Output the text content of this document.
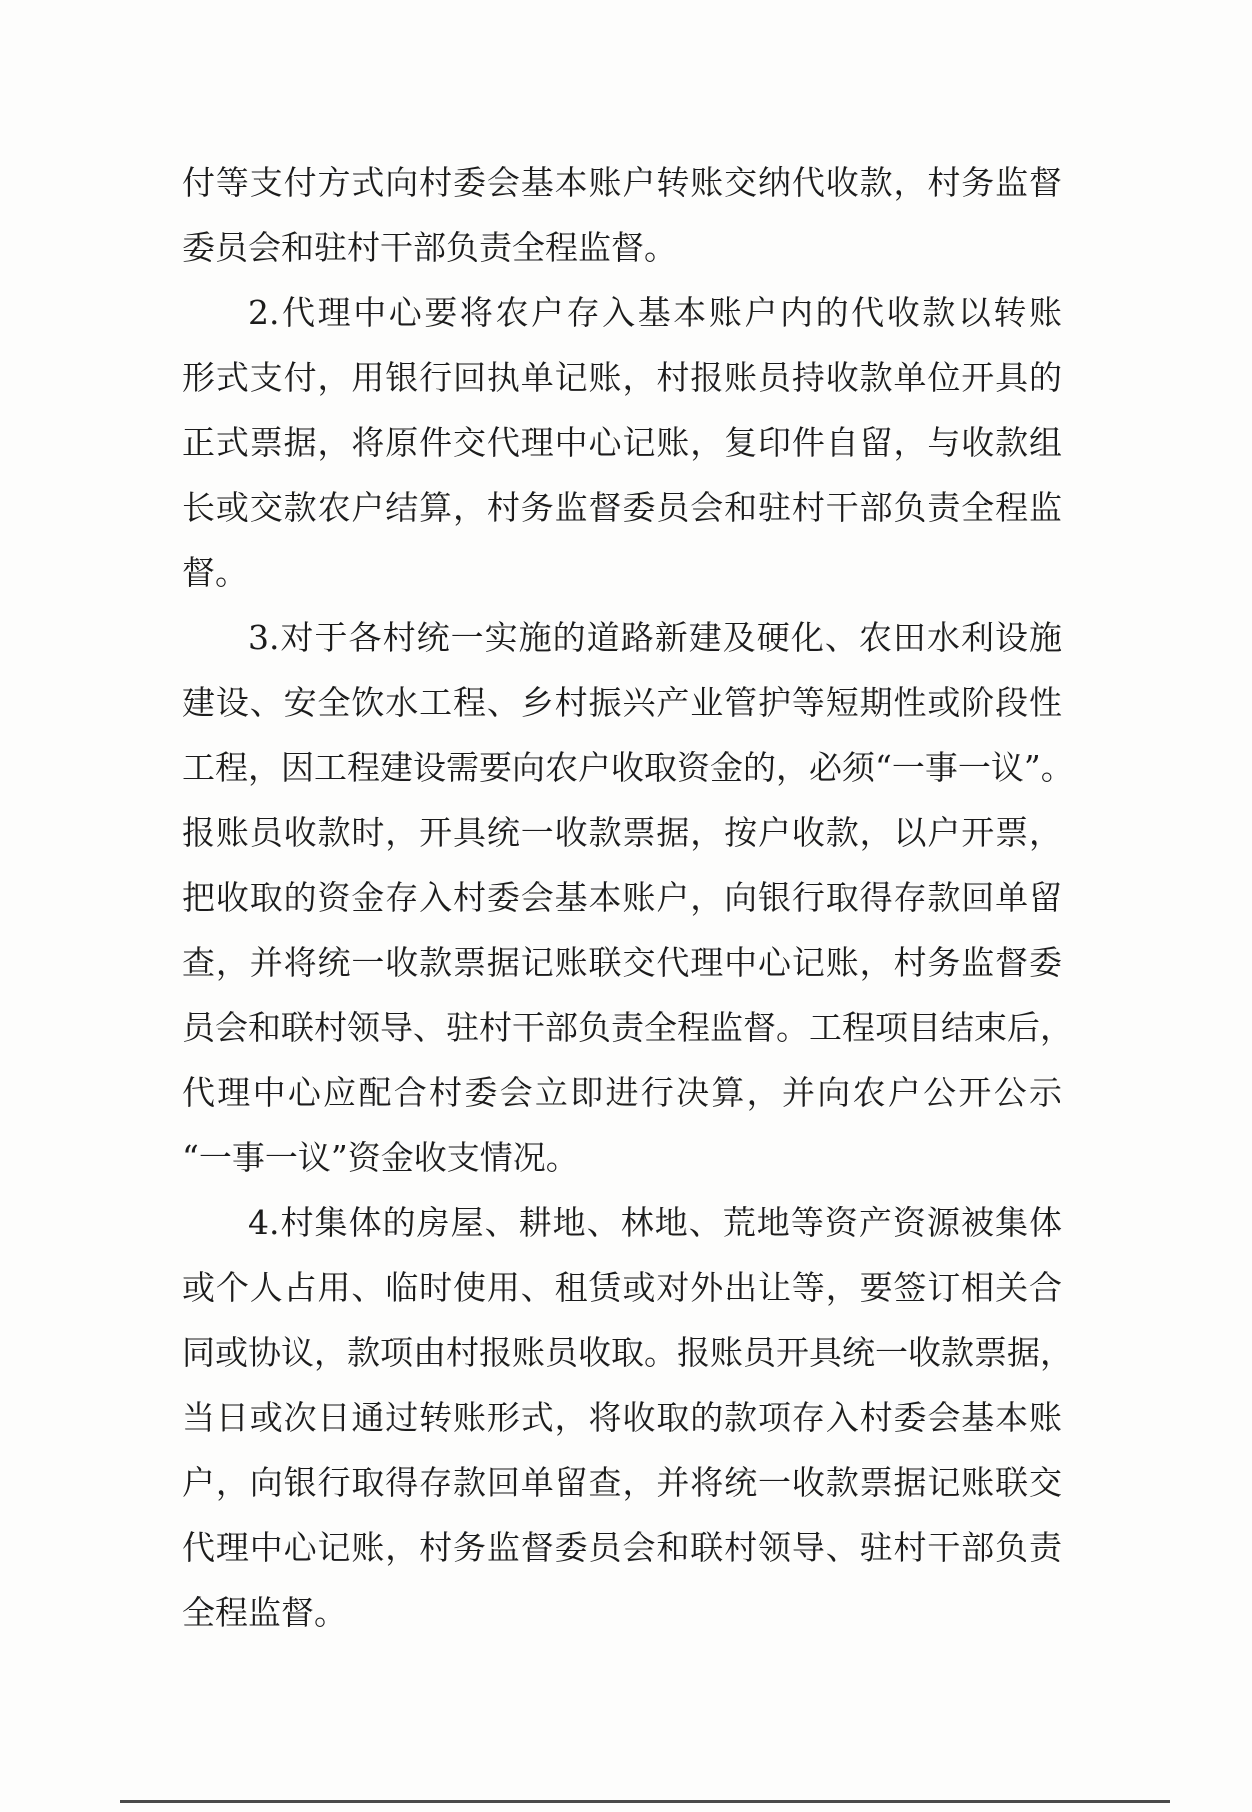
付等支付方式向村委会基本账户转账交纳代收款，村务监督
委员会和驻村干部负责全程监督。
2.代理中心要将农户存入基本账户内的代收款以转账
形式支付，用银行回执单记账，村报账员持收款单位开具的
正式票据，将原件交代理中心记账，复印件自留，与收款组
长或交款农户结算，村务监督委员会和驻村干部负责全程监
督。
3.对于各村统一实施的道路新建及硬化、农田水利设施
建设、安全饮水工程、乡村振兴产业管护等短期性或阶段性
工程，因工程建设需要向农户收取资金的，必须“一事一议”。
报账员收款时，开具统一收款票据，按户收款，以户开票，
把收取的资金存入村委会基本账户，向银行取得存款回单留
查，并将统一收款票据记账联交代理中心记账，村务监督委
员会和联村领导、驻村干部负责全程监督。工程项目结束后，
代理中心应配合村委会立即进行决算，并向农户公开公示
“一事一议”资金收支情况。
4.村集体的房屋、耕地、林地、荒地等资产资源被集体
或个人占用、临时使用、租赁或对外出让等，要签订相关合
同或协议，款项由村报账员收取。报账员开具统一收款票据，
当日或次日通过转账形式，将收取的款项存入村委会基本账
户，向银行取得存款回单留查，并将统一收款票据记账联交
代理中心记账，村务监督委员会和联村领导、驻村干部负责
全程监督。
